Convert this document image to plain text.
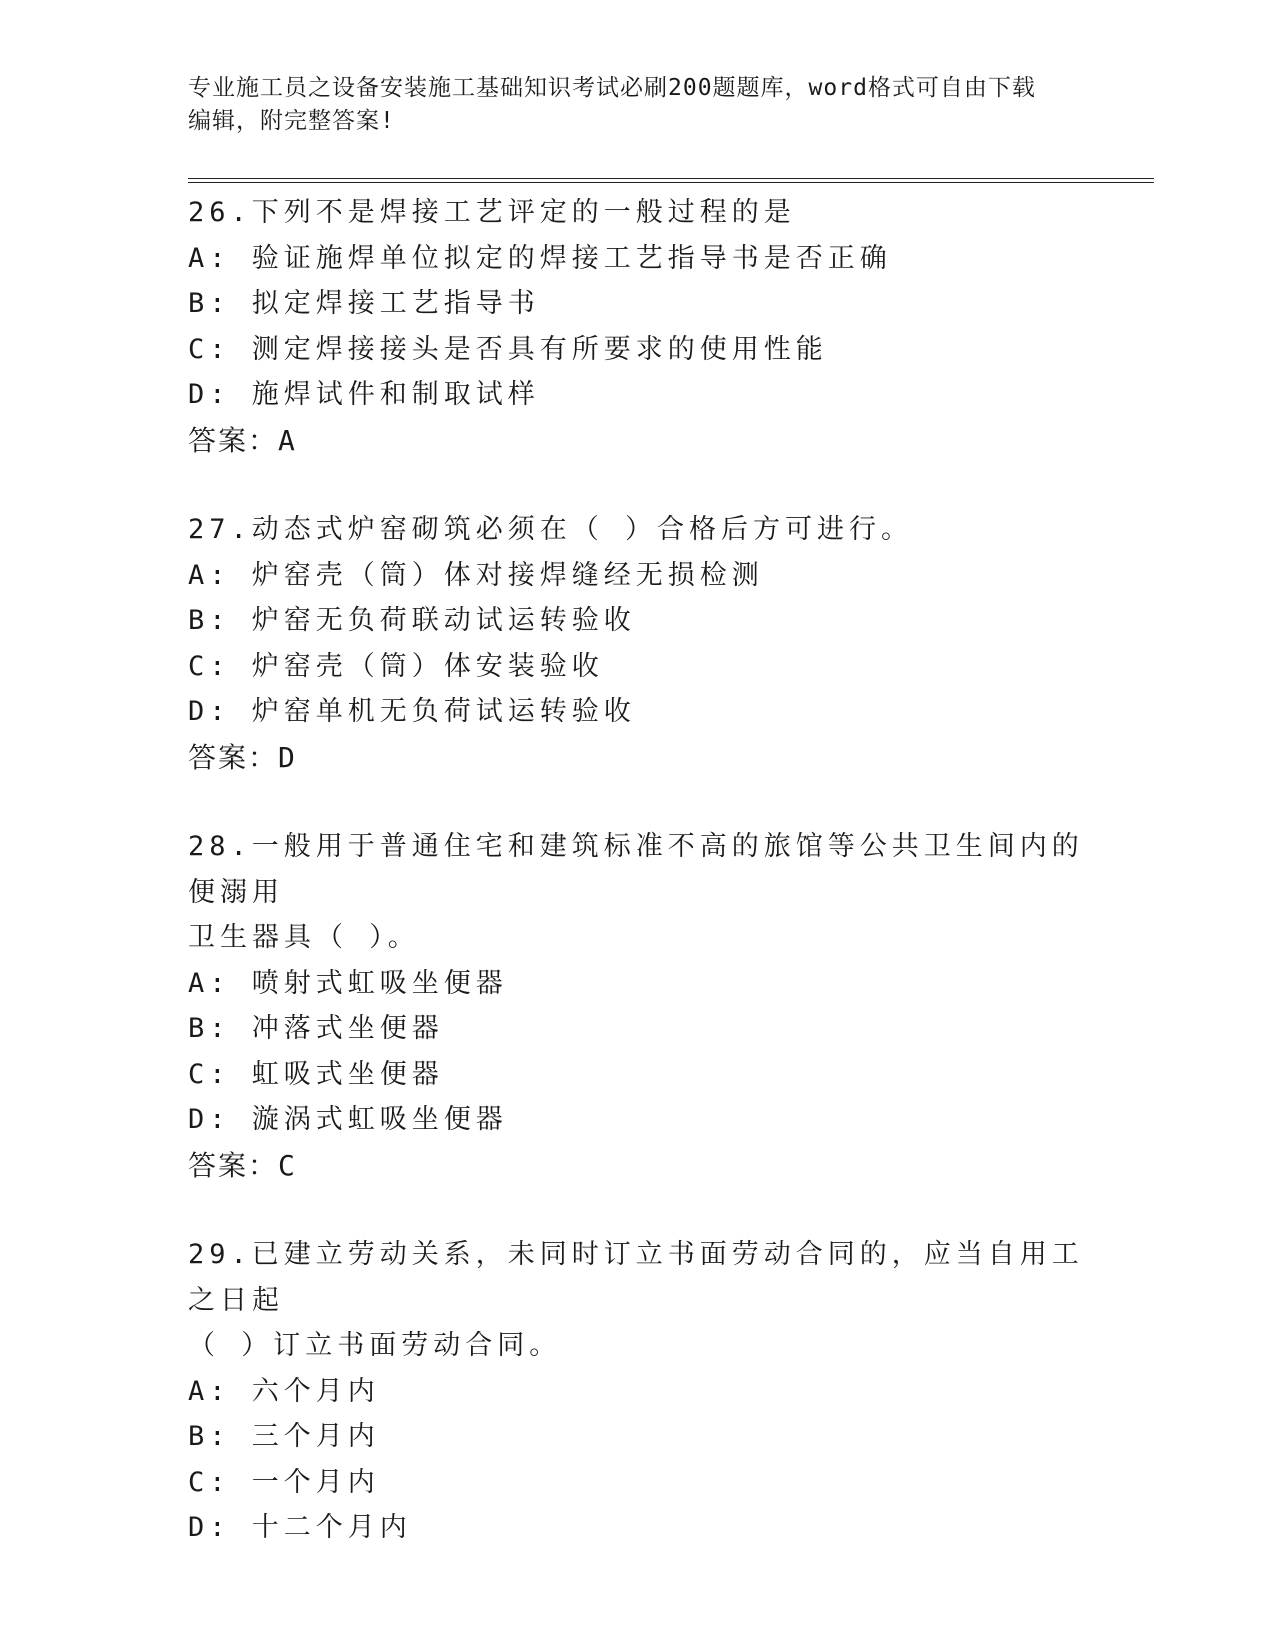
专业施工员之设备安装施工基础知识考试必刷200题题库，word格式可自由下载
编辑，附完整答案!
26.下列不是焊接工艺评定的一般过程的是
A: 验证施焊单位拟定的焊接工艺指导书是否正确
B: 拟定焊接工艺指导书
C: 测定焊接接头是否具有所要求的使用性能
D: 施焊试件和制取试样
答案：A
27.动态式炉窑砌筑必须在（ ）合格后方可进行。
A: 炉窑壳（筒）体对接焊缝经无损检测
B: 炉窑无负荷联动试运转验收
C: 炉窑壳（筒）体安装验收
D: 炉窑单机无负荷试运转验收
答案：D
28.一般用于普通住宅和建筑标准不高的旅馆等公共卫生间内的便溺用
卫生器具（ ）。
A: 喷射式虹吸坐便器
B: 冲落式坐便器
C: 虹吸式坐便器
D: 漩涡式虹吸坐便器
答案：C
29.已建立劳动关系，未同时订立书面劳动合同的，应当自用工之日起
（ ）订立书面劳动合同。
A: 六个月内
B: 三个月内
C: 一个月内
D: 十二个月内
